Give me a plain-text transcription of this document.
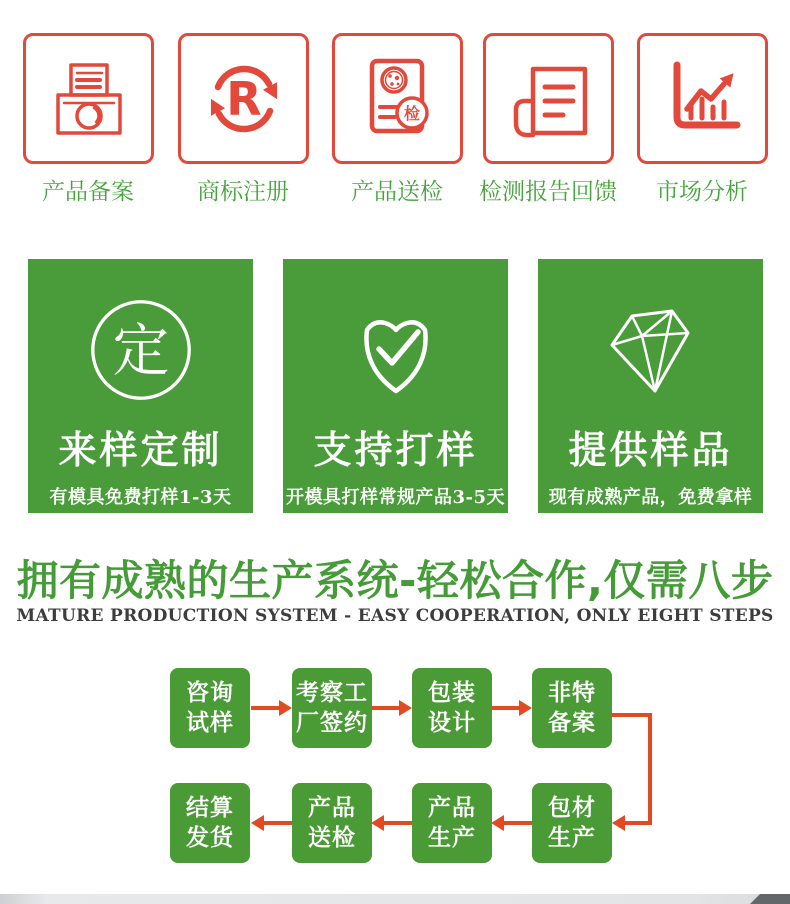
R	检
产品备案	商标注册	产品送检	检测报告回馈	市场分析
定
来样定制
有模具免费打样1-3天
支持打样
开模具打样常规产品3-5天
提供样品
现有成熟产品，免费拿样
拥有成熟的生产系统-轻松合作,仅需八步
MATURE PRODUCTION SYSTEM - EASY COOPERATION, ONLY EIGHT STEPS
咨询
试样
考察工
厂签约
包装
设计
非特
备案
结算
发货
产品
送检
产品
生产
包材
生产
